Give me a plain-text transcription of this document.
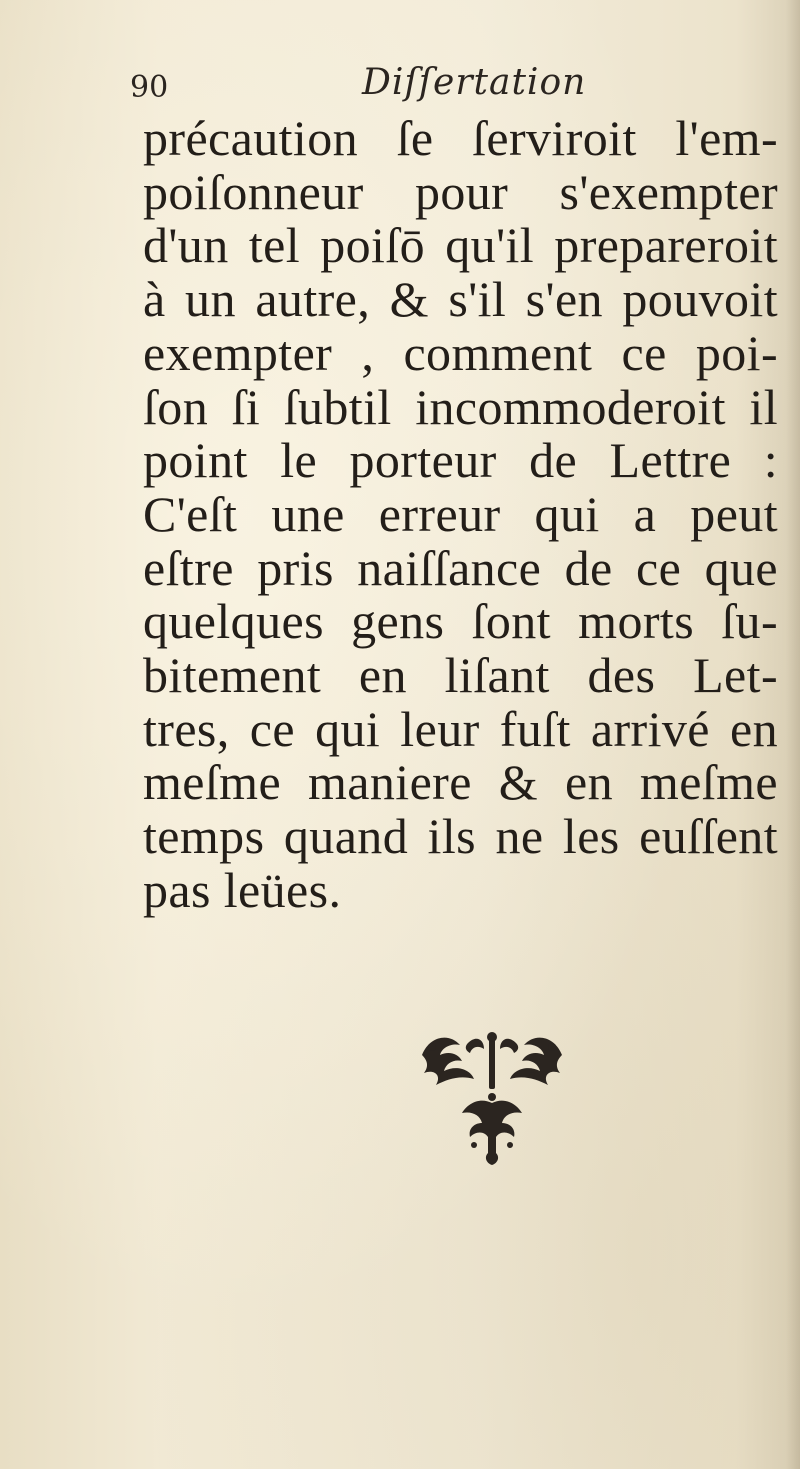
90	Diſſertation
précaution ſe ſerviroit l'em-
poiſonneur pour s'exempter
d'un tel poiſō qu'il prepareroit
à un autre, & s'il s'en pouvoit
exempter , comment ce poi-
ſon ſi ſubtil incommoderoit il
point le porteur de Lettre :
C'eſt une erreur qui a peut
eſtre pris naiſſance de ce que
quelques gens ſont morts ſu-
bitement en liſant des Let-
tres, ce qui leur fuſt arrivé en
meſme maniere & en meſme
temps quand ils ne les euſſent
pas leües.
